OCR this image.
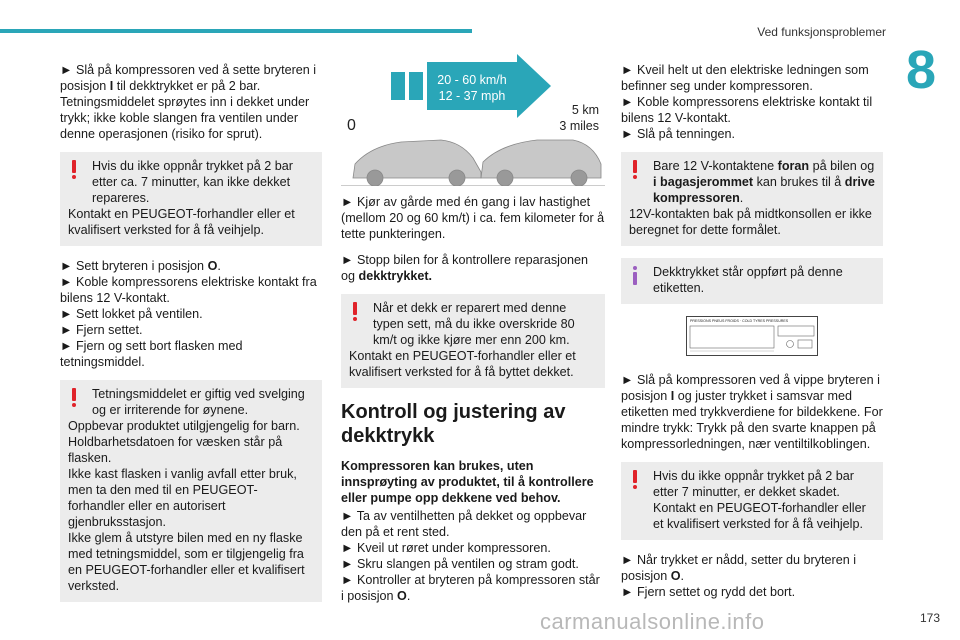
Ved funksjonsproblemer
8

► Slå på kompressoren ved å sette bryteren i posisjon I til dekktrykket er på 2 bar. Tetningsmiddelet sprøytes inn i dekket under trykk; ikke koble slangen fra ventilen under denne operasjonen (risiko for sprut).

Hvis du ikke oppnår trykket på 2 bar etter ca. 7 minutter, kan ikke dekket repareres.

Kontakt en PEUGEOT-forhandler eller et kvalifisert verksted for å få veihjelp.

► Sett bryteren i posisjon O.

► Koble kompressorens elektriske kontakt fra bilens 12 V-kontakt.

► Sett lokket på ventilen.

► Fjern settet.

► Fjern og sett bort flasken med tetningsmiddel.

Tetningsmiddelet er giftig ved svelging og er irriterende for øynene.

Oppbevar produktet utilgjengelig for barn.

Holdbarhetsdatoen for væsken står på flasken.

Ikke kast flasken i vanlig avfall etter bruk, men ta den med til en PEUGEOT-forhandler eller en autorisert gjenbruksstasjon.

Ikke glem å utstyre bilen med en ny flaske med tetningsmiddel, som er tilgjengelig fra en PEUGEOT-forhandler eller et kvalifisert verksted.

20 - 60 km/h
12 - 37 mph
0
5 km
3 miles

► Kjør av gårde med én gang i lav hastighet (mellom 20 og 60 km/t) i ca. fem kilometer for å tette punkteringen.

► Stopp bilen for å kontrollere reparasjonen og dekktrykket.

Når et dekk er reparert med denne typen sett, må du ikke overskride 80 km/t og ikke kjøre mer enn 200 km.

Kontakt en PEUGEOT-forhandler eller et kvalifisert verksted for å få byttet dekket.

Kontroll og justering av dekktrykk

Kompressoren kan brukes, uten innsprøyting av produktet, til å kontrollere eller pumpe opp dekkene ved behov.

► Ta av ventilhetten på dekket og oppbevar den på et rent sted.

► Kveil ut røret under kompressoren.

► Skru slangen på ventilen og stram godt.

► Kontroller at bryteren på kompressoren står i posisjon O.

► Kveil helt ut den elektriske ledningen som befinner seg under kompressoren.

► Koble kompressorens elektriske kontakt til bilens 12 V-kontakt.

► Slå på tenningen.

Bare 12 V-kontaktene foran på bilen og i bagasjerommet kan brukes til å drive kompressoren.

12V-kontakten bak på midtkonsollen er ikke beregnet for dette formålet.

Dekktrykket står oppført på denne etiketten.

PRESSIONS PNEUS FROIDS · COLD TYRES PRESSURES

► Slå på kompressoren ved å vippe bryteren i posisjon I og juster trykket i samsvar med etiketten med trykkverdiene for bildekkene. For mindre trykk: Trykk på den svarte knappen på kompressorledningen, nær ventiltilkoblingen.

Hvis du ikke oppnår trykket på 2 bar etter 7 minutter, er dekket skadet. Kontakt en PEUGEOT-forhandler eller et kvalifisert verksted for å få veihjelp.

► Når trykket er nådd, setter du bryteren i posisjon O.

► Fjern settet og rydd det bort.

carmanualsonline.info	173
